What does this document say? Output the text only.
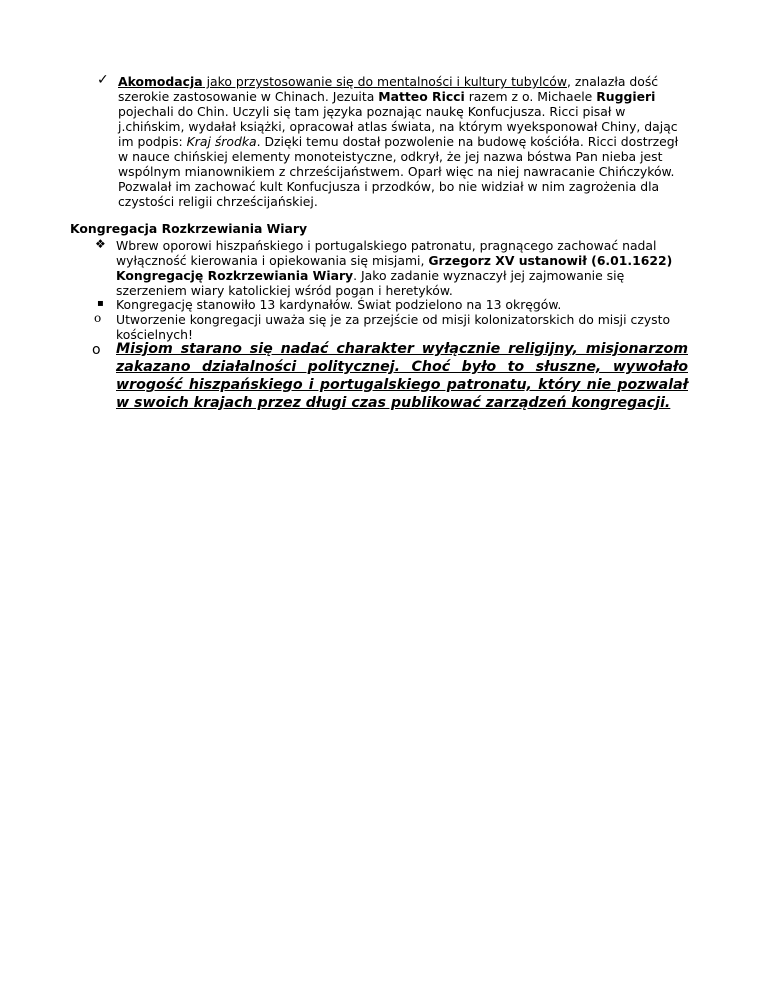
✓ Akomodacja jako przystosowanie się do mentalności i kultury tubylców, znalazła dość szerokie zastosowanie w Chinach. Jezuita Matteo Ricci razem z o. Michaele Ruggieri pojechali do Chin. Uczyli się tam języka poznając naukę Konfucjusza. Ricci pisał w j.chińskim, wydałał książki, opracował atlas świata, na którym wyeksponował Chiny, dając im podpis: Kraj środka. Dzięki temu dostał pozwolenie na budowę kościóła. Ricci dostrzegł w nauce chińskiej elementy monoteistyczne, odkrył, że jej nazwa bóstwa Pan nieba jest wspólnym mianownikiem z chrześcijaństwem. Oparł więc na niej nawracanie Chińczyków. Pozwalał im zachować kult Konfucjusza i przodków, bo nie widział w nim zagrożenia dla czystości religii chrześcijańskiej.
Kongregacja Rozkrzewiania Wiary
❖ Wbrew oporowi hiszpańskiego i portugalskiego patronatu, pragnącego zachować nadal wyłączność kierowania i opiekowania się misjami, Grzegorz XV ustanowił (6.01.1622) Kongregację Rozkrzewiania Wiary. Jako zadanie wyznaczył jej zajmowanie się szerzeniem wiary katolickiej wśród pogan i heretyków.
▪ Kongregację stanowiło 13 kardynałów. Świat podzielono na 13 okręgów.
o Utworzenie kongregacji uważa się je za przejście od misji kolonizatorskich do misji czysto kościelnych!
o Misjom starano się nadać charakter wyłącznie religijny, misjonarzom zakazano działalności politycznej. Choć było to słuszne, wywołało wrogość hiszpańskiego i portugalskiego patronatu, który nie pozwalał w swoich krajach przez długi czas publikować zarządzeń kongregacji.
